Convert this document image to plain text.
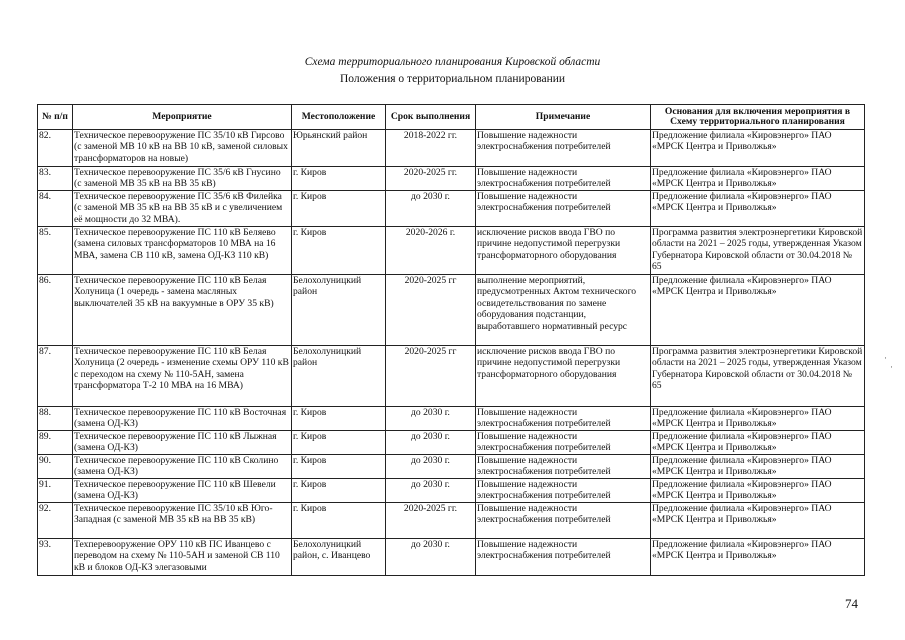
Схема территориального планирования Кировской области
Положения о территориальном планировании
№ п/п	Мероприятие	Местоположение	Срок выполнения	Примечание	Основания для включения мероприятия в Схему территориального планирования
82.	Техническое перевооружение ПС 35/10 кВ Гирсово (с заменой МВ 10 кВ на ВВ 10 кВ, заменой силовых трансформаторов на новые)	Юрьянский район	2018-2022 гг.	Повышение надежности электроснабжения потребителей	Предложение филиала «Кировэнерго» ПАО «МРСК Центра и Приволжья»
83.	Техническое перевооружение ПС 35/6 кВ Гнусино (с заменой МВ 35 кВ на ВВ 35 кВ)	г. Киров	2020-2025 гг.	Повышение надежности электроснабжения потребителей	Предложение филиала «Кировэнерго» ПАО «МРСК Центра и Приволжья»
84.	Техническое перевооружение ПС 35/6 кВ Филейка (с заменой МВ 35 кВ на ВВ 35 кВ и с увеличением её мощности до 32 МВА).	г. Киров	до 2030 г.	Повышение надежности электроснабжения потребителей	Предложение филиала «Кировэнерго» ПАО «МРСК Центра и Приволжья»
85.	Техническое перевооружение ПС 110 кВ Беляево (замена силовых трансформаторов 10 МВА на 16 МВА, замена СВ 110 кВ, замена ОД-КЗ 110 кВ)	г. Киров	2020-2026 г.	исключение рисков ввода ГВО по причине недопустимой перегрузки трансформаторного оборудования	Программа развития электроэнергетики Кировской области на 2021 – 2025 годы, утвержденная Указом Губернатора Кировской области от 30.04.2018 № 65
86.	Техническое перевооружение ПС 110 кВ Белая Холуница (1 очередь - замена масляных выключателей 35 кВ на вакуумные в ОРУ 35 кВ)	Белохолуницкий район	2020-2025 гг	выполнение мероприятий, предусмотренных Актом технического освидетельствования по замене оборудования подстанции, выработавшего нормативный ресурс	Предложение филиала «Кировэнерго» ПАО «МРСК Центра и Приволжья»
87.	Техническое перевооружение ПС 110 кВ Белая Холуница (2 очередь - изменение схемы ОРУ 110 кВ с переходом на схему № 110-5АН, замена трансформатора Т-2 10 МВА на 16 МВА)	Белохолуницкий район	2020-2025 гг	исключение рисков ввода ГВО по причине недопустимой перегрузки трансформаторного оборудования	Программа развития электроэнергетики Кировской области на 2021 – 2025 годы, утвержденная Указом Губернатора Кировской области от 30.04.2018 № 65
88.	Техническое перевооружение ПС 110 кВ Восточная (замена ОД-КЗ)	г. Киров	до 2030 г.	Повышение надежности электроснабжения потребителей	Предложение филиала «Кировэнерго» ПАО «МРСК Центра и Приволжья»
89.	Техническое перевооружение ПС 110 кВ Лыжная (замена ОД-КЗ)	г. Киров	до 2030 г.	Повышение надежности электроснабжения потребителей	Предложение филиала «Кировэнерго» ПАО «МРСК Центра и Приволжья»
90.	Техническое перевооружение ПС 110 кВ Сколино (замена ОД-КЗ)	г. Киров	до 2030 г.	Повышение надежности электроснабжения потребителей	Предложение филиала «Кировэнерго» ПАО «МРСК Центра и Приволжья»
91.	Техническое перевооружение ПС 110 кВ Шевели (замена ОД-КЗ)	г. Киров	до 2030 г.	Повышение надежности электроснабжения потребителей	Предложение филиала «Кировэнерго» ПАО «МРСК Центра и Приволжья»
92.	Техническое перевооружение ПС 35/10 кВ Юго-Западная (с заменой МВ 35 кВ на ВВ 35 кВ)	г. Киров	2020-2025 гг.	Повышение надежности электроснабжения потребителей	Предложение филиала «Кировэнерго» ПАО «МРСК Центра и Приволжья»
93.	Техперевооружение ОРУ 110 кВ ПС Иванцево с переводом на схему № 110-5АН и заменой СВ 110 кВ и блоков ОД-КЗ элегазовыми	Белохолуницкий район, с. Иванцево	до 2030 г.	Повышение надежности электроснабжения потребителей	Предложение филиала «Кировэнерго» ПАО «МРСК Центра и Приволжья»
74
·
·
